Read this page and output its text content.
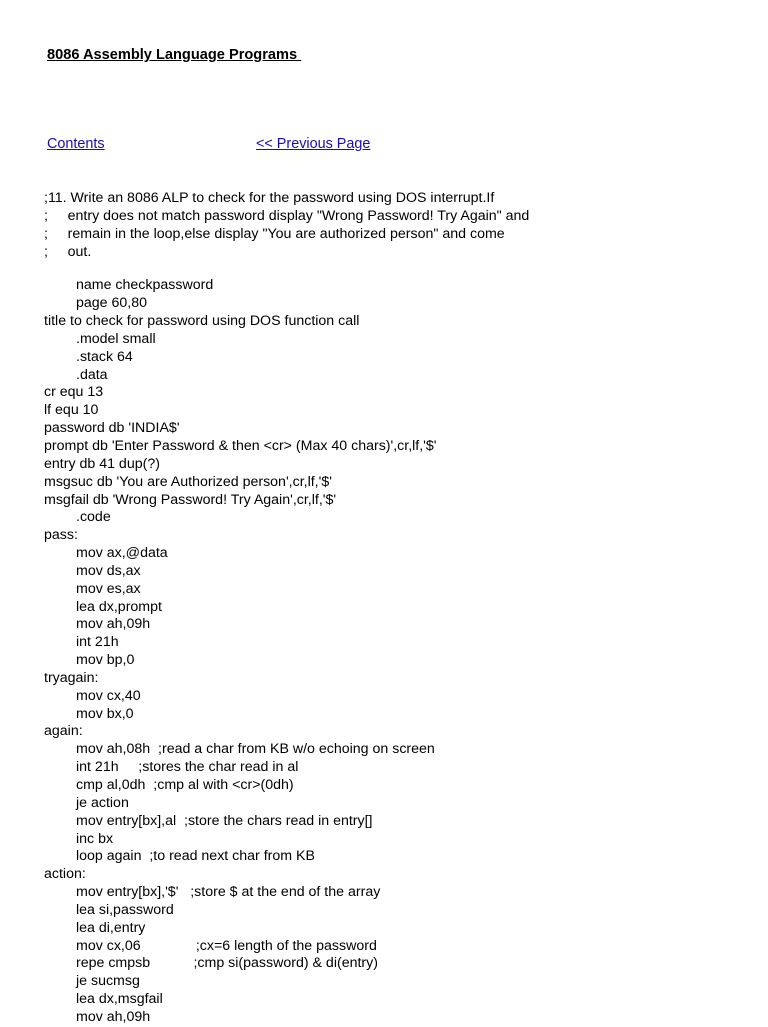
8086 Assembly Language Programs
Contents	<< Previous Page
;11. Write an 8086 ALP to check for the password using DOS interrupt.If
;     entry does not match password display "Wrong Password! Try Again" and
;     remain in the loop,else display "You are authorized person" and come
;     out.
name checkpassword
page 60,80
title to check for password using DOS function call
.model small
.stack 64
.data
cr equ 13
lf equ 10
password db 'INDIA$'
prompt db 'Enter Password & then <cr> (Max 40 chars)',cr,lf,'$'
entry db 41 dup(?)
msgsuc db 'You are Authorized person',cr,lf,'$'
msgfail db 'Wrong Password! Try Again',cr,lf,'$'
.code
pass:
mov ax,@data
mov ds,ax
mov es,ax
lea dx,prompt
mov ah,09h
int 21h
mov bp,0
tryagain:
mov cx,40
mov bx,0
again:
mov ah,08h  ;read a char from KB w/o echoing on screen
int 21h     ;stores the char read in al
cmp al,0dh  ;cmp al with <cr>(0dh)
je action
mov entry[bx],al  ;store the chars read in entry[]
inc bx
loop again  ;to read next char from KB
action:
mov entry[bx],'$'   ;store $ at the end of the array
lea si,password
lea di,entry
mov cx,06              ;cx=6 length of the password
repe cmpsb           ;cmp si(password) & di(entry)
je sucmsg
lea dx,msgfail
mov ah,09h
